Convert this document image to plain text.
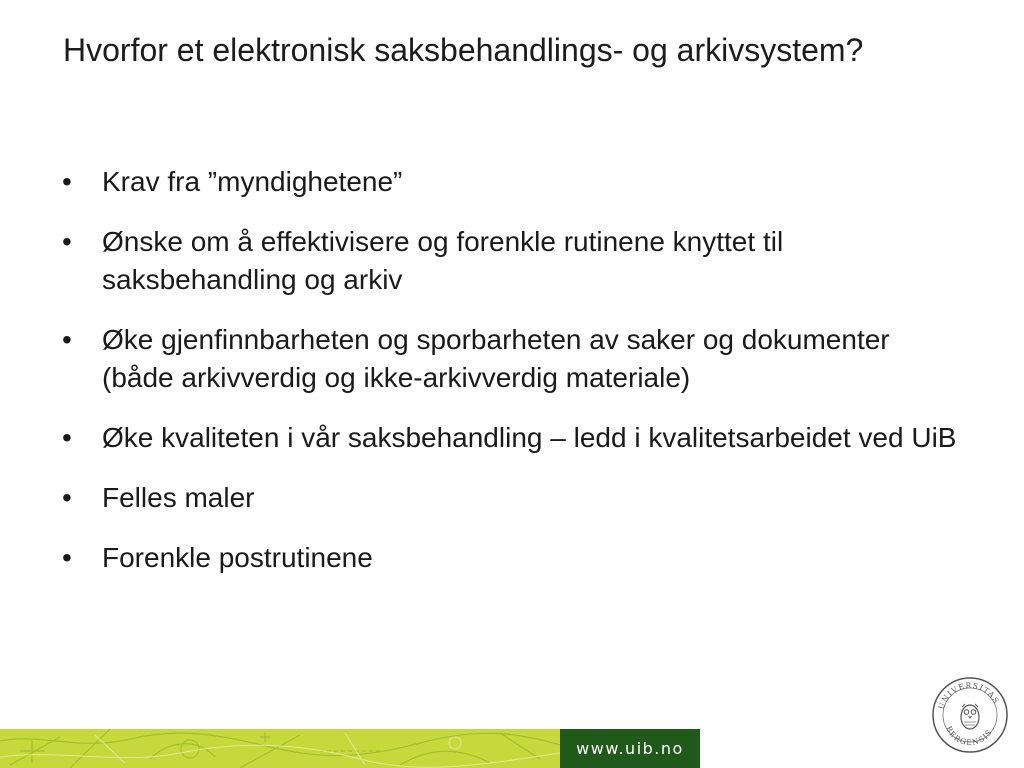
Hvorfor et elektronisk saksbehandlings- og arkivsystem?
•	Krav fra ”myndighetene”
•	Ønske om å effektivisere og forenkle rutinene knyttet til saksbehandling og arkiv
•	Øke gjenfinnbarheten og sporbarheten av saker og dokumenter (både arkivverdig og ikke-arkivverdig materiale)
•	Øke kvaliteten i vår saksbehandling – ledd i kvalitetsarbeidet ved UiB
•	Felles maler
•	Forenkle postrutinene
www.uib.no
UNIVERSITAS
BERGENSIS
